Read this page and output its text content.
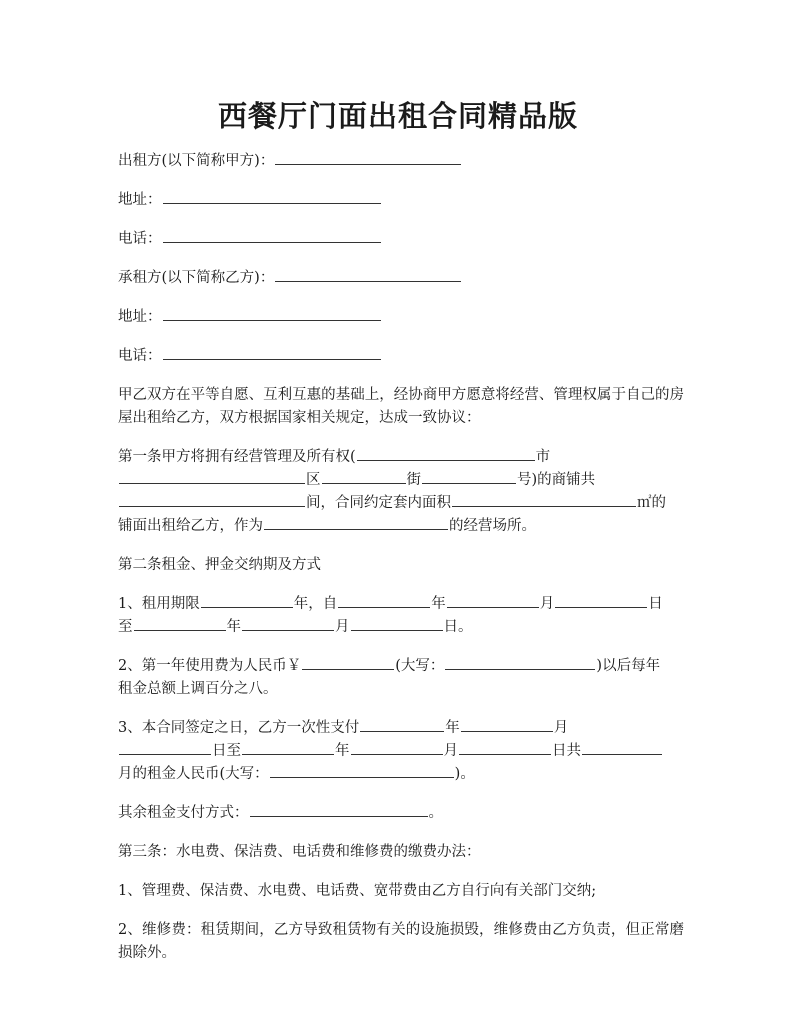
西餐厅门面出租合同精品版

出租方(以下简称甲方)：

地址：

电话：

承租方(以下简称乙方)：

地址：

电话：

甲乙双方在平等自愿、互利互惠的基础上，经协商甲方愿意将经营、管理权属于自己的房屋出租给乙方，双方根据国家相关规定，达成一致协议：

第一条甲方将拥有经营管理及所有权(	市
区	街	号)的商铺共
间，合同约定套内面积	㎡的
铺面出租给乙方，作为	的经营场所。

第二条租金、押金交纳期及方式

1、租用期限	年，自	年	月	日
至	年	月	日。
2、第一年使用费为人民币￥	(大写：	)以后每年
租金总额上调百分之八。
3、本合同签定之日，乙方一次性支付	年	月
日至	年	月	日共
月的租金人民币(大写：	)。

其余租金支付方式：	。

第三条：水电费、保洁费、电话费和维修费的缴费办法：

1、管理费、保洁费、水电费、电话费、宽带费由乙方自行向有关部门交纳;

2、维修费：租赁期间，乙方导致租赁物有关的设施损毁，维修费由乙方负责，但正常磨损除外。
